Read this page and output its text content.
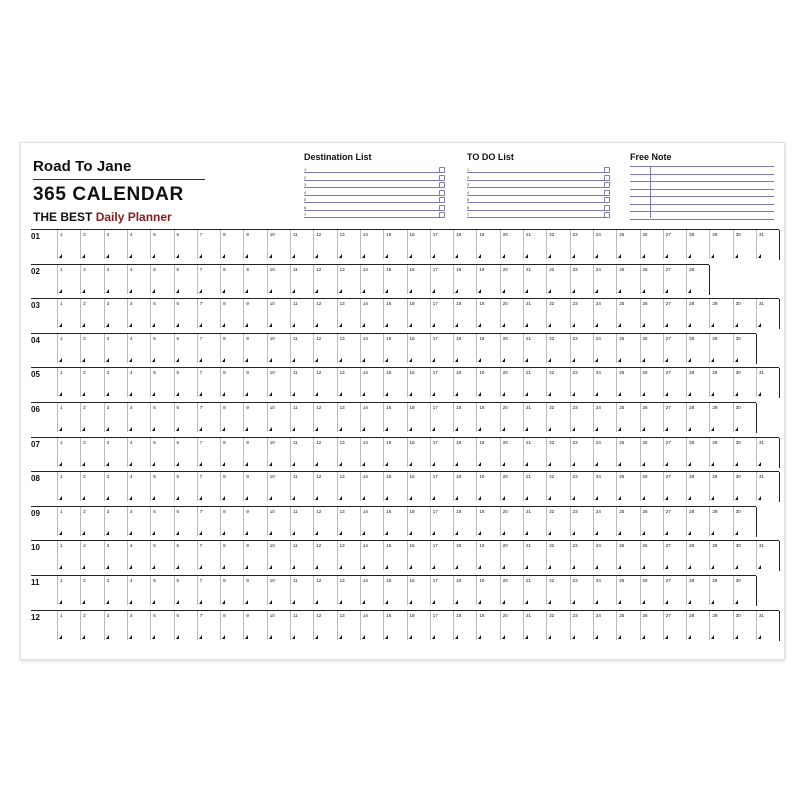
Road To Jane
365 CALENDAR
THE BEST Daily Planner
Destination List
1
2
3
4
5
6
7
TO DO List
1
2
3
4
5
6
7
Free Note
01	1	2	3	4	5	6	7	8	9	10	11	12	13	14	15	16	17	18	19	20	21	22	23	24	25	26	27	28	29	30	31
02	1	2	3	4	5	6	7	8	9	10	11	12	13	14	15	16	17	18	19	20	21	22	23	24	25	26	27	28
03	1	2	3	4	5	6	7	8	9	10	11	12	13	14	15	16	17	18	19	20	21	22	23	24	25	26	27	28	29	30	31
04	1	2	3	4	5	6	7	8	9	10	11	12	13	14	15	16	17	18	19	20	21	22	23	24	25	26	27	28	29	30
05	1	2	3	4	5	6	7	8	9	10	11	12	13	14	15	16	17	18	19	20	21	22	23	24	25	26	27	28	29	30	31
06	1	2	3	4	5	6	7	8	9	10	11	12	13	14	15	16	17	18	19	20	21	22	23	24	25	26	27	28	29	30
07	1	2	3	4	5	6	7	8	9	10	11	12	13	14	15	16	17	18	19	20	21	22	23	24	25	26	27	28	29	30	31
08	1	2	3	4	5	6	7	8	9	10	11	12	13	14	15	16	17	18	19	20	21	22	23	24	25	26	27	28	29	30	31
09	1	2	3	4	5	6	7	8	9	10	11	12	13	14	15	16	17	18	19	20	21	22	23	24	25	26	27	28	29	30
10	1	2	3	4	5	6	7	8	9	10	11	12	13	14	15	16	17	18	19	20	21	22	23	24	25	26	27	28	29	30	31
11	1	2	3	4	5	6	7	8	9	10	11	12	13	14	15	16	17	18	19	20	21	22	23	24	25	26	27	28	29	30
12	1	2	3	4	5	6	7	8	9	10	11	12	13	14	15	16	17	18	19	20	21	22	23	24	25	26	27	28	29	30	31
